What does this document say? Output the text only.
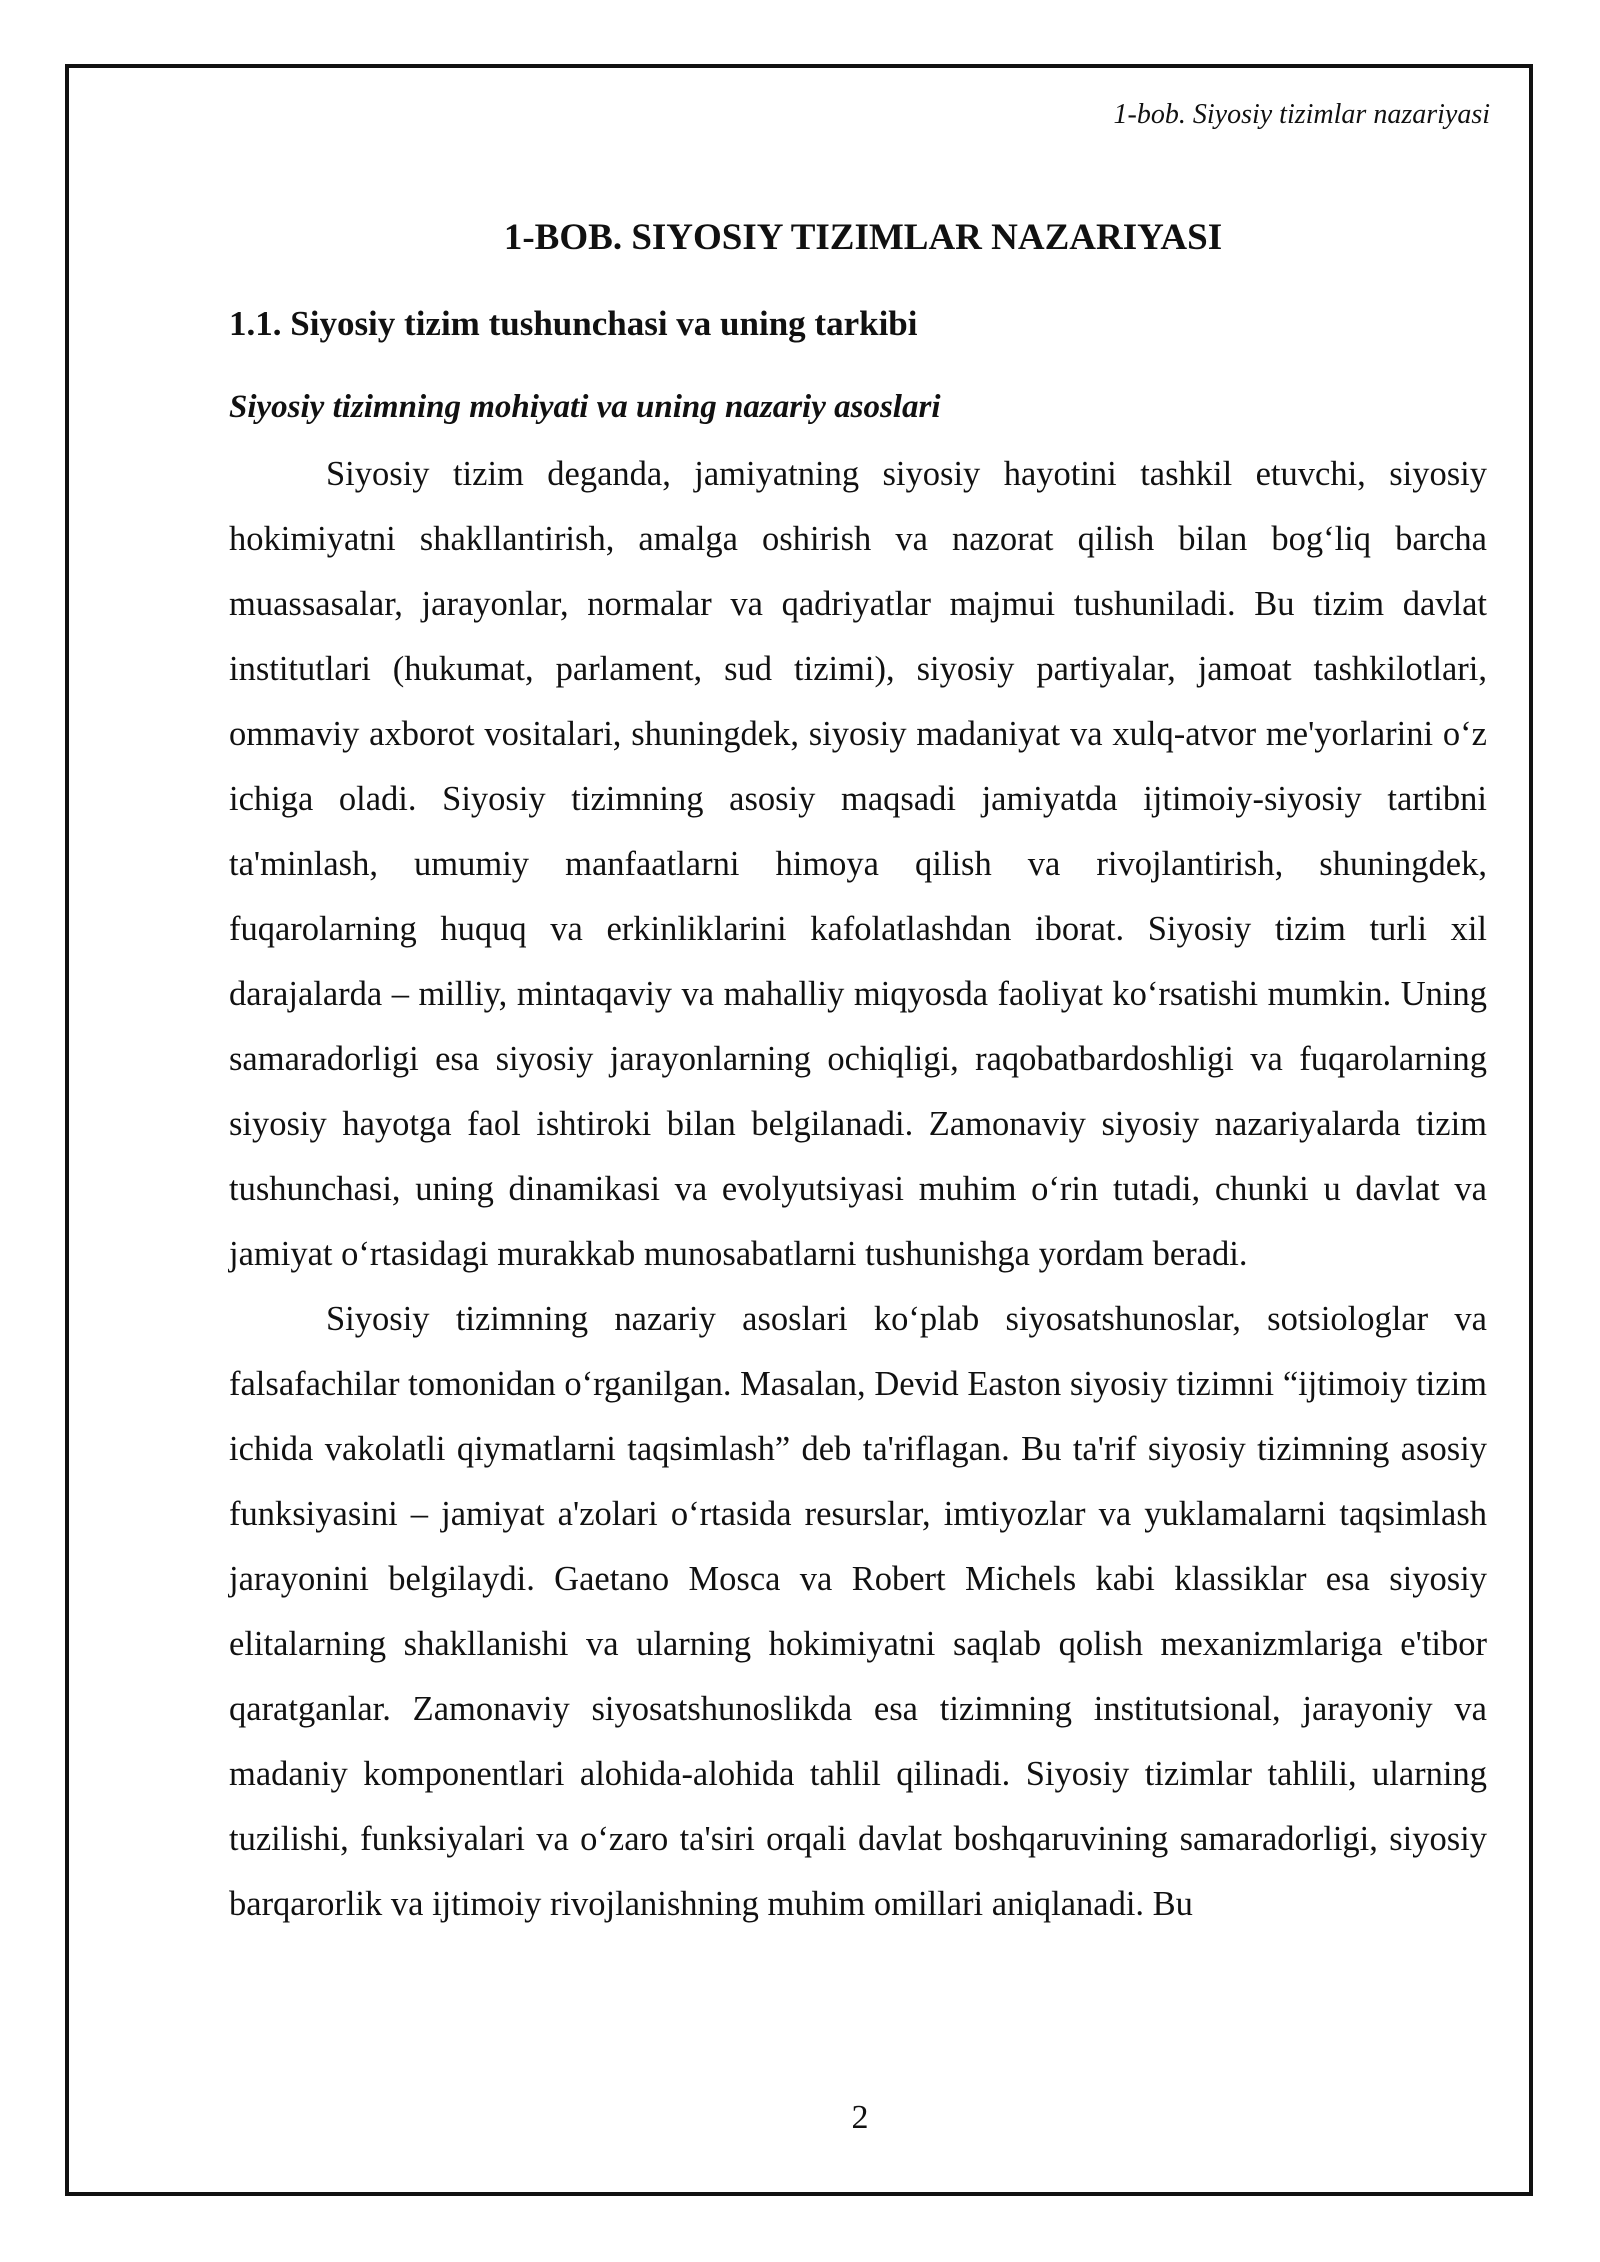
1-bob. Siyosiy tizimlar nazariyasi
1-BOB. SIYOSIY TIZIMLAR NAZARIYASI
1.1. Siyosiy tizim tushunchasi va uning tarkibi
Siyosiy tizimning mohiyati va uning nazariy asoslari

Siyosiy tizim deganda, jamiyatning siyosiy hayotini tashkil etuvchi, siyosiy hokimiyatni shakllantirish, amalga oshirish va nazorat qilish bilan bog‘liq barcha muassasalar, jarayonlar, normalar va qadriyatlar majmui tushuniladi. Bu tizim davlat institutlari (hukumat, parlament, sud tizimi), siyosiy partiyalar, jamoat tashkilotlari, ommaviy axborot vositalari, shuningdek, siyosiy madaniyat va xulq-atvor me'yorlarini o‘z ichiga oladi. Siyosiy tizimning asosiy maqsadi jamiyatda ijtimoiy-siyosiy tartibni ta'minlash, umumiy manfaatlarni himoya qilish va rivojlantirish, shuningdek, fuqarolarning huquq va erkinliklarini kafolatlashdan iborat. Siyosiy tizim turli xil darajalarda – milliy, mintaqaviy va mahalliy miqyosda faoliyat ko‘rsatishi mumkin. Uning samaradorligi esa siyosiy jarayonlarning ochiqligi, raqobatbardoshligi va fuqarolarning siyosiy hayotga faol ishtiroki bilan belgilanadi. Zamonaviy siyosiy nazariyalarda tizim tushunchasi, uning dinamikasi va evolyutsiyasi muhim o‘rin tutadi, chunki u davlat va jamiyat o‘rtasidagi murakkab munosabatlarni tushunishga yordam beradi.

Siyosiy tizimning nazariy asoslari ko‘plab siyosatshunoslar, sotsiologlar va falsafachilar tomonidan o‘rganilgan. Masalan, Devid Easton siyosiy tizimni “ijtimoiy tizim ichida vakolatli qiymatlarni taqsimlash” deb ta'riflagan. Bu ta'rif siyosiy tizimning asosiy funksiyasini – jamiyat a'zolari o‘rtasida resurslar, imtiyozlar va yuklamalarni taqsimlash jarayonini belgilaydi. Gaetano Mosca va Robert Michels kabi klassiklar esa siyosiy elitalarning shakllanishi va ularning hokimiyatni saqlab qolish mexanizmlariga e'tibor qaratganlar. Zamonaviy siyosatshunoslikda esa tizimning institutsional, jarayoniy va madaniy komponentlari alohida-alohida tahlil qilinadi. Siyosiy tizimlar tahlili, ularning tuzilishi, funksiyalari va o‘zaro ta'siri orqali davlat boshqaruvining samaradorligi, siyosiy barqarorlik va ijtimoiy rivojlanishning muhim omillari aniqlanadi. Bu

2
